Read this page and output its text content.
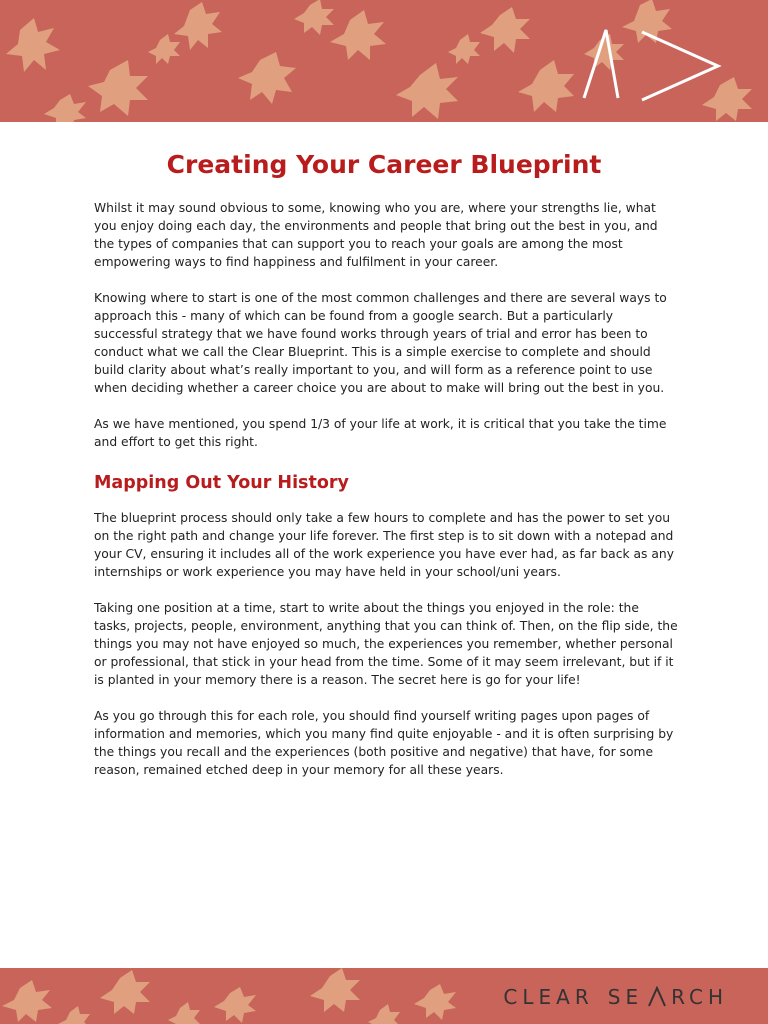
Creating Your Career Blueprint

Whilst it may sound obvious to some, knowing who you are, where your strengths lie, what you enjoy doing each day, the environments and people that bring out the best in you, and the types of companies that can support you to reach your goals are among the most empowering ways to find happiness and fulfilment in your career.

Knowing where to start is one of the most common challenges and there are several ways to approach this - many of which can be found from a google search. But a particularly successful strategy that we have found works through years of trial and error has been to conduct what we call the Clear Blueprint. This is a simple exercise to complete and should build clarity about what’s really important to you, and will form as a reference point to use when deciding whether a career choice you are about to make will bring out the best in you.

As we have mentioned, you spend 1/3 of your life at work, it is critical that you take the time and effort to get this right.

Mapping Out Your History

The blueprint process should only take a few hours to complete and has the power to set you on the right path and change your life forever. The first step is to sit down with a notepad and your CV, ensuring it includes all of the work experience you have ever had, as far back as any internships or work experience you may have held in your school/uni years.

Taking one position at a time, start to write about the things you enjoyed in the role: the tasks, projects, people, environment, anything that you can think of. Then, on the flip side, the things you may not have enjoyed so much, the experiences you remember, whether personal or professional, that stick in your head from the time. Some of it may seem irrelevant, but if it is planted in your memory there is a reason. The secret here is go for your life!

As you go through this for each role, you should find yourself writing pages upon pages of information and memories, which you many find quite enjoyable - and it is often surprising by the things you recall and the experiences (both positive and negative) that have, for some reason, remained etched deep in your memory for all these years.

CLEAR SE RCH
